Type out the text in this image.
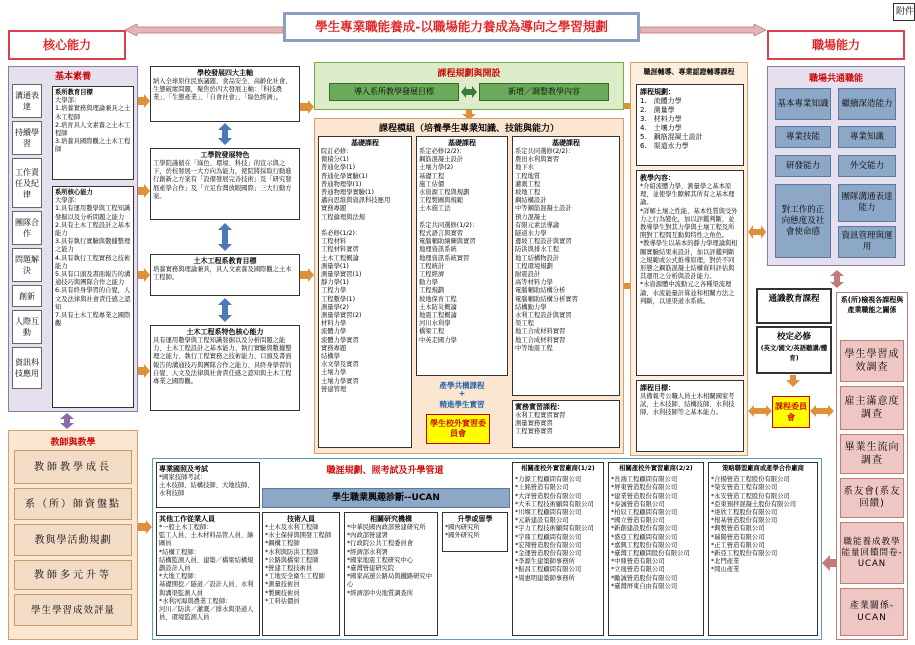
附件
學生專業職能養成-以職場能力養成為導向之學習規劃
核心能力	職場能力
基本素養
溝通表達
持續學習
工作責任及紀律
團隊合作
問題解決
創新
人際互動
資訊科技應用
系所教育目標
大學部：
1.培養實務與理論兼具之土木工程師
2.培育具人文素養之土木工程師
3.培養具國際觀之土木工程師
系所核心能力
大學部：
1.具有運用數學與工程知識發掘以及分析問題之能力
2.具有土木工程設計之基本能力
3.具有執行實驗與數據整理之能力
4.具有執行工程實務之技術能力
5.具有口頭及書面報告的溝通技巧與團隊合作之能力
6.具有終身學習的自覺，人文及法律與社會責任感之認知
7.具有土木工程專業之國際觀
學校發展四大主軸
納入全球原住民族議題、食品安全、高齡化社會、生態破壞問題，聚焦於四大發展主軸：「科技農業」、「生態產業」、「自會社會」、「綠色經濟」。
工學院發展特色
工學院謹循在「綠色、環境、科技」的宣示與之下，於校發展一大方向為能力，使院將採取行動進行創新之方案有「設備發展完善技術」及「研究發展產學合作」及「立足台灣放眼國際」三大行動方案。
土木工程系教育目標
培養實務與理論兼具，具人文素養及國際觀之土木工程師。
土木工程系特色核心能力
具有運用數學與工程知識發掘以及分析問題之能力、土木工程設計之基本能力、執行實驗與數據整理之能力、執行工程實務之技術能力、口頭及書面報告的溝通技巧與團隊合作之能力、具終身學習的自覺、人文及法律與社會責任感之認知與土木工程專業之國際觀。
課程規劃與開設
導入系所教學發展目標	新增／調整教學內容
課程模組（培養學生專業知識、技能與能力）
基礎課程
院訂必修：
微積分(1)
普通化學(1)
普通化學實驗(1)
普通物理學(1)
普通物理學實驗(1)
邁向思維與資訊科技應用
實務專題
工程倫理與法規

系必修(1/2)：
工程材料
工程材料實習
土木工程概論
測量學(1)
測量學實習(1)
靜力學(1)
工程力學
工程數學(1)
測量學(2)
測量學實習(2)
材料力學
流體力學
流體力學實習
實務專題
結構學
水文學及實習
土壤力學
土壤力學實習
營建管理
基礎課程
系定必修(2/2)：
鋼筋混凝土設計
土壤力學(2)
基礎工程
施工估價
水資源工程與規劃
工程製圖與規範
土木施工法

系定共同選修(1/2)：
程式語言與實習
電腦輔助繪圖與實習
地理資訊系統
地理資訊系統實習
工程統計
工程經濟
動力學
工程規劃
坡地保育工程
土木防災概論
地震工程概論
河川水利學
橋梁工程
中英走國力學
基礎課程
系定共同選修(2/2)：
農田水利與實習
地下水
工程地質
灌溉工程
坡地工程
鋼結構設計
中等鋼筋混凝土設計
預力混凝土
有限元素法導論
隧道水力學
邊坡工程設計與實習
防洪與排水工程
地工結構物設計
工程環境規劃
耐震設計
高等材料力學
電腦輔助結構分析
電腦輔助結構分析實習
結構動力學
水利工程設計與實習
渠工程
地工合成材料實習
地工合成材料實習
中等地震工程
產學共構課程
+
精進學生實習
學生校外實習委員會
實務實習課程：
水利工程實習實習
測量實務實習
工程實務實習
職涯輔導、專業認證輔導課程
課程規劃：
1.　流體力學
2.　測量學
3.　材料力學
4.　土壤力學
5.　鋼筋混凝土設計
6.　渠道水力學
教學內容：
*介紹流體力學、測量學之基本原理，並使學生瞭解其所有之基本理論。
*詳解土壤之性能、基本性質與受外力之行為變化，加以評鑑判斷，並教導學生對其力學與土壤工程及所開對工程間互動與特性之角色。
*教導學生以基本的靜力學理論與相關實驗結果來設計，加以評鑑判斷之規範或公式推導原理，對於不同形態之鋼筋混凝土結構資料評估與其運用之分析與設計能力。
*水資源體中流動元之各種渠流理論、水流能量計算並和相關方法之判斷，以達渠道水系統。
課程目標：
具備報考公職人員土木相關國家考試，土木技師、結構技師、水利技師、水利技師等之基本能力。
通識教育課程
校定必修
(英文/國文/英語聽講/體育)
課程委員會
職場共通職能
基本專業知識	繼續深造能力
專業技能	專業知識
研發能力	外交能力
對工作的正向態度及社會使命感
團隊溝通表達能力
資訊管理與運用
系(所)檢視各課程與產業職能之關係
學生學習成效調查
雇主滿意度調查
畢業生流向調查
系友會(系友回饋)
職能養成教學能量回饋問卷-UCAN
產業關係-UCAN
教師與教學
教師教學成長
系（所）師資盤點
教與學活動規劃
教師多元升等
學生學習成效評量
職涯規劃、照考試及升學管道
學生職業興趣診斷--UCAN
專業國照及考試
*國家技師考試：
土木技師、結構技師、大地技師、水利技師
其他工作從業人員
*一般土木工程師：
監工人員、土木材料品管人員、繪圖員
*結構工程師：
結構監測人員、建築／橋梁結構規劃設計人員
*大地工程師：
基礎開挖／隧道／設計人員、水利與溝渠監測人員
*水利河海與農業工程師：
河川／防洪／灌溉／排水與渠道人員、環境監測人員
技術人員
*土木及水利工程師
*水土保持與開發工程師
*鋼構工程師
*水利與防洪工程師
*公路與橋梁工程師
*營建工程技術員
*工地安全衛生工程師
*測量技術員
*製圖技術員
*工料估價員
相關研究機構
*中華民國內政部營建研究所
*內政部營建署
*行政院公共工程委員會
*經濟部水利署
*國家地震工程研究中心
*臺灣營建研究院
*國家高速公路局與鐵路研究中心
*經濟部中央地質調查所
升學或留學
*國內研究所
*國外研究所
相關產校外實習廠商(1/2)
*力源工程顧問有限公司
*上銘營造有限公司
*大洋營造股份有限公司
*大禾工程技術顧問有限公司
*川堰工程顧問有限公司
*元新建設有限公司
*宇力工程技術顧問有限公司
*宇鼎工程顧問有限公司
*宏翔營造股份有限公司
*金運營造股份有限公司
*李源生建築師事務所
*振昌工程顧問有限公司
*周惠明建築師事務所
相關產校外實習廠商(2/2)
*長鴻工程顧問有限公司
*屏東營造股份有限公司
*建業營造股份有限公司
*泰誠營造有限公司
*柏辰工程顧問有限公司
*國立營造有限公司
*新創建設股份有限公司
*盛亞工程顧問有限公司
*嘉興工程股份有限公司
*臺灣工程顧問股份有限公司
*中鼎營造有限公司
*立晟營造有限公司
*勵誠營造股份有限公司
*臺灣屏東自由有限公司
策略聯盟廠商或產學合作廠商
*合揚營造工程股份有限公司
*榮安營造工程有限公司
*永安營造工程股份有限公司
*亞東預拌混凝土股份有限公司
*達欣工程股份有限公司
*根基營造股份有限公司
*興製營造有限公司
*瑞陽營造有限公司
*正工營造有限公司
*新亞工程股份有限公司
*北門產業
*岡山產業
